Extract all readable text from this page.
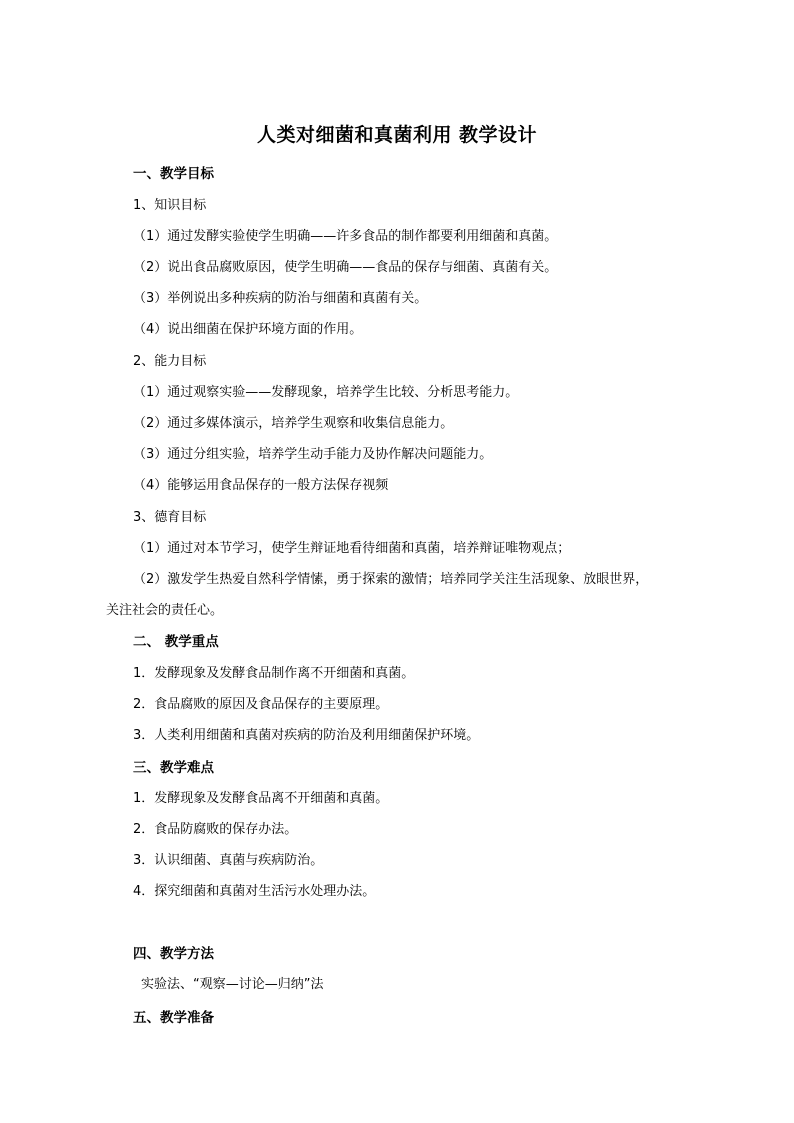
人类对细菌和真菌利用 教学设计
一、教学目标
1、知识目标
（1）通过发酵实验使学生明确——许多食品的制作都要利用细菌和真菌。
（2）说出食品腐败原因，使学生明确——食品的保存与细菌、真菌有关。
（3）举例说出多种疾病的防治与细菌和真菌有关。
（4）说出细菌在保护环境方面的作用。
2、能力目标
（1）通过观察实验——发酵现象，培养学生比较、分析思考能力。
（2）通过多媒体演示，培养学生观察和收集信息能力。
（3）通过分组实验，培养学生动手能力及协作解决问题能力。
（4）能够运用食品保存的一般方法保存视频
3、德育目标
（1）通过对本节学习，使学生辩证地看待细菌和真菌，培养辩证唯物观点；
（2）激发学生热爱自然科学情愫，勇于探索的激情；培养同学关注生活现象、放眼世界，
关注社会的责任心。
二、 教学重点
1．发酵现象及发酵食品制作离不开细菌和真菌。
2．食品腐败的原因及食品保存的主要原理。
3．人类利用细菌和真菌对疾病的防治及利用细菌保护环境。
三、教学难点
1．发酵现象及发酵食品离不开细菌和真菌。
2．食品防腐败的保存办法。
3．认识细菌、真菌与疾病防治。
4．探究细菌和真菌对生活污水处理办法。
四、教学方法
实验法、“观察—讨论—归纳”法
五、教学准备
